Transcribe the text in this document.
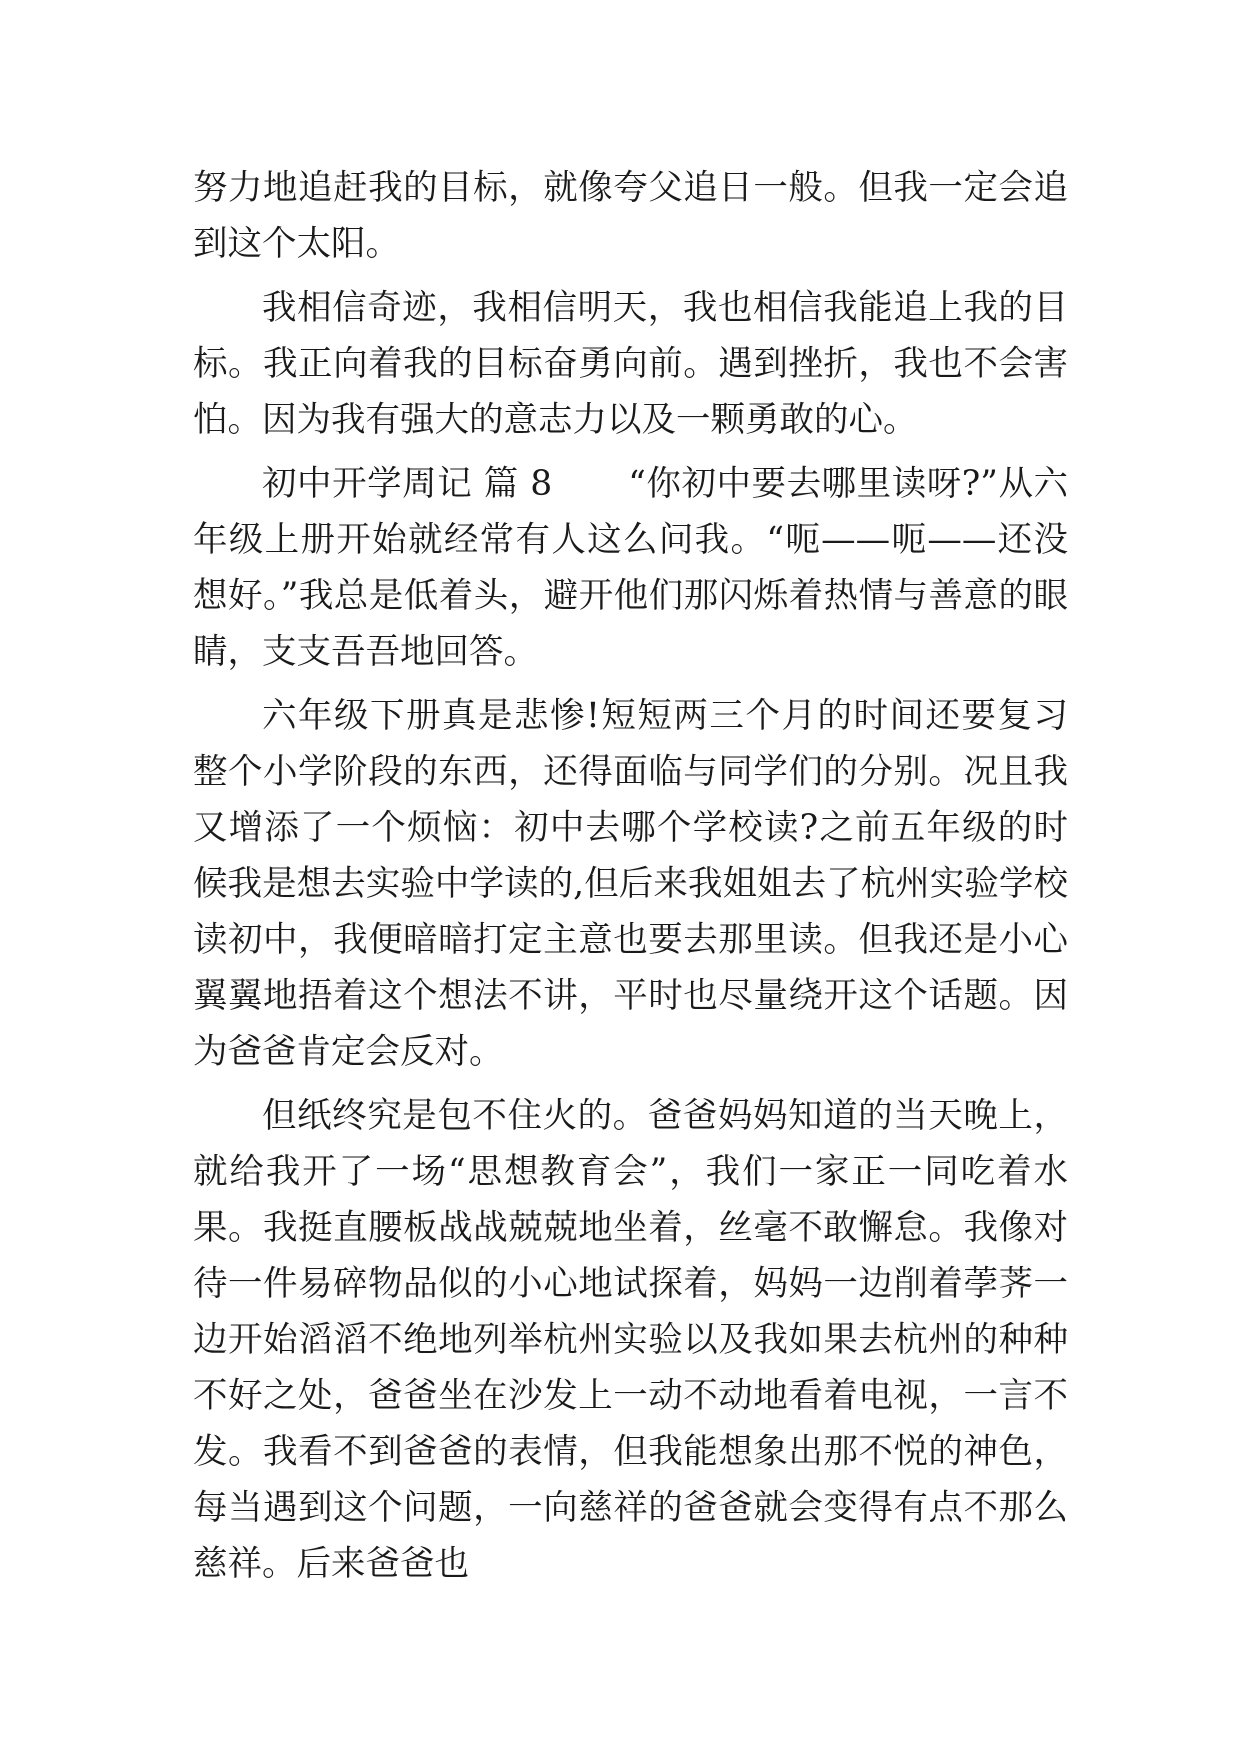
努力地追赶我的目标，就像夸父追日一般。但我一定会追到这个太阳。

我相信奇迹，我相信明天，我也相信我能追上我的目标。我正向着我的目标奋勇向前。遇到挫折，我也不会害怕。因为我有强大的意志力以及一颗勇敢的心。

初中开学周记 篇 8 “你初中要去哪里读呀?”从六年级上册开始就经常有人这么问我。“呃——呃——还没想好。”我总是低着头，避开他们那闪烁着热情与善意的眼睛，支支吾吾地回答。

六年级下册真是悲惨!短短两三个月的时间还要复习整个小学阶段的东西，还得面临与同学们的分别。况且我又增添了一个烦恼：初中去哪个学校读?之前五年级的时候我是想去实验中学读的,但后来我姐姐去了杭州实验学校读初中，我便暗暗打定主意也要去那里读。但我还是小心翼翼地捂着这个想法不讲，平时也尽量绕开这个话题。因为爸爸肯定会反对。

但纸终究是包不住火的。爸爸妈妈知道的当天晚上，就给我开了一场“思想教育会”，我们一家正一同吃着水果。我挺直腰板战战兢兢地坐着，丝毫不敢懈怠。我像对待一件易碎物品似的小心地试探着，妈妈一边削着荸荠一边开始滔滔不绝地列举杭州实验以及我如果去杭州的种种不好之处，爸爸坐在沙发上一动不动地看着电视，一言不发。我看不到爸爸的表情，但我能想象出那不悦的神色，每当遇到这个问题，一向慈祥的爸爸就会变得有点不那么慈祥。后来爸爸也
